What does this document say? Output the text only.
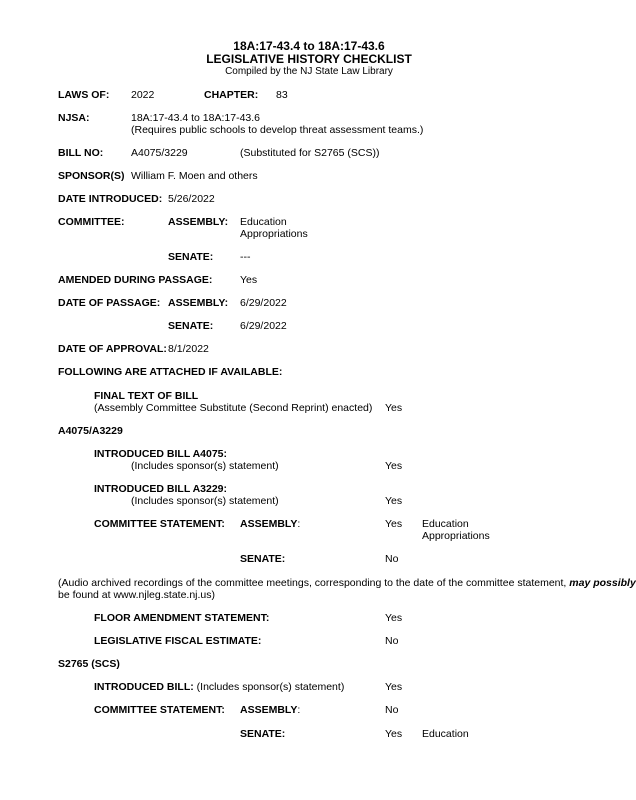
18A:17-43.4 to 18A:17-43.6
LEGISLATIVE HISTORY CHECKLIST
Compiled by the NJ State Law Library
LAWS OF: 2022	CHAPTER: 83
NJSA:	18A:17-43.4 to 18A:17-43.6
(Requires public schools to develop threat assessment teams.)
BILL NO:	A4075/3229	(Substituted for S2765 (SCS))
SPONSOR(S) William F. Moen and others
DATE INTRODUCED: 5/26/2022
COMMITTEE:	ASSEMBLY: Education
Appropriations
SENATE:	---
AMENDED DURING PASSAGE:	Yes
DATE OF PASSAGE: ASSEMBLY: 6/29/2022
SENATE:	6/29/2022
DATE OF APPROVAL: 8/1/2022
FOLLOWING ARE ATTACHED IF AVAILABLE:
FINAL TEXT OF BILL
(Assembly Committee Substitute (Second Reprint) enacted) Yes
A4075/A3229
INTRODUCED BILL A4075:
(Includes sponsor(s) statement)	Yes
INTRODUCED BILL A3229:
(Includes sponsor(s) statement)	Yes
COMMITTEE STATEMENT: ASSEMBLY:	Yes Education
Appropriations
SENATE:	No
(Audio archived recordings of the committee meetings, corresponding to the date of the committee statement, may possibly
be found at www.njleg.state.nj.us)
FLOOR AMENDMENT STATEMENT:	Yes
LEGISLATIVE FISCAL ESTIMATE:	No
S2765 (SCS)
INTRODUCED BILL: (Includes sponsor(s) statement)	Yes
COMMITTEE STATEMENT: ASSEMBLY:	No
SENATE:	Yes Education
